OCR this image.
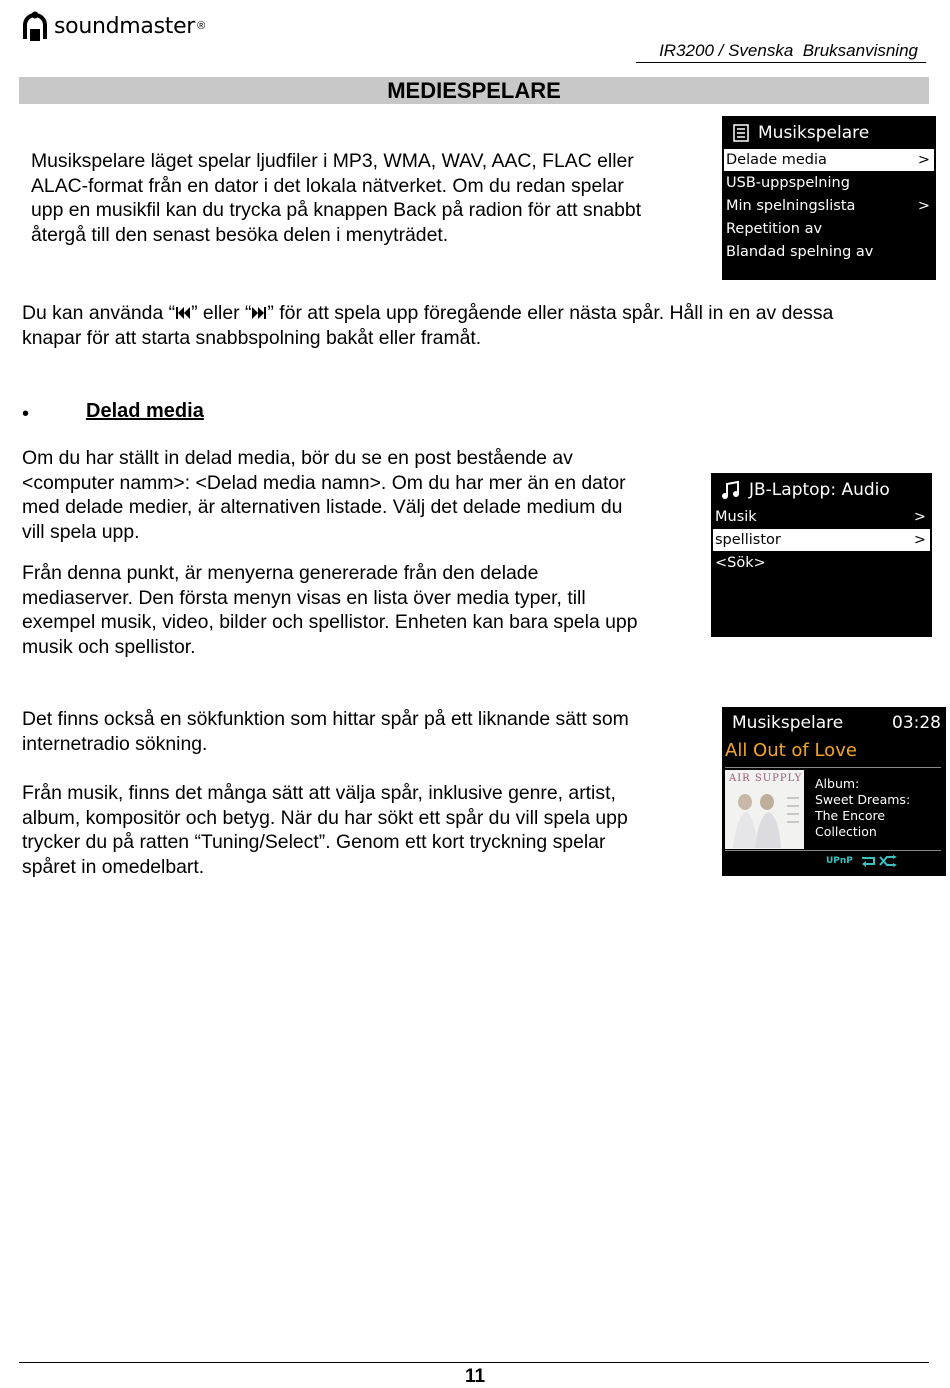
soundmaster ®
IR3200 / Svenska  Bruksanvisning
MEDIESPELARE
Musikspelare läget spelar ljudfiler i MP3, WMA, WAV, AAC, FLAC eller
ALAC-format från en dator i det lokala nätverket. Om du redan spelar
upp en musikfil kan du trycka på knappen Back på radion för att snabbt
återgå till den senast besöka delen i menyträdet.
Musikspelare
Delade media	>
USB-uppspelning
Min spelningslista	>
Repetition av
Blandad spelning av
Du kan använda “ ” eller “ ” för att spela upp föregående eller nästa spår. Håll in en av dessa
knapar för att starta snabbspolning bakåt eller framåt.
•	Delad media
Om du har ställt in delad media, bör du se en post bestående av
<computer namm>: <Delad media namn>. Om du har mer än en dator
med delade medier, är alternativen listade. Välj det delade medium du
vill spela upp.
Från denna punkt, är menyerna genererade från den delade
mediaserver. Den första menyn visas en lista över media typer, till
exempel musik, video, bilder och spellistor. Enheten kan bara spela upp
musik och spellistor.
JB-Laptop: Audio
Musik	>
spellistor	>
<Sök>
Det finns också en sökfunktion som hittar spår på ett liknande sätt som
internetradio sökning.
Från musik, finns det många sätt att välja spår, inklusive genre, artist,
album, kompositör och betyg. När du har sökt ett spår du vill spela upp
trycker du på ratten “Tuning/Select”. Genom ett kort tryckning spelar
spåret in omedelbart.
Musikspelare	03:28
All Out of Love
AIR SUPPLY Album:
Sweet Dreams:
The Encore
Collection
UPnP
11
